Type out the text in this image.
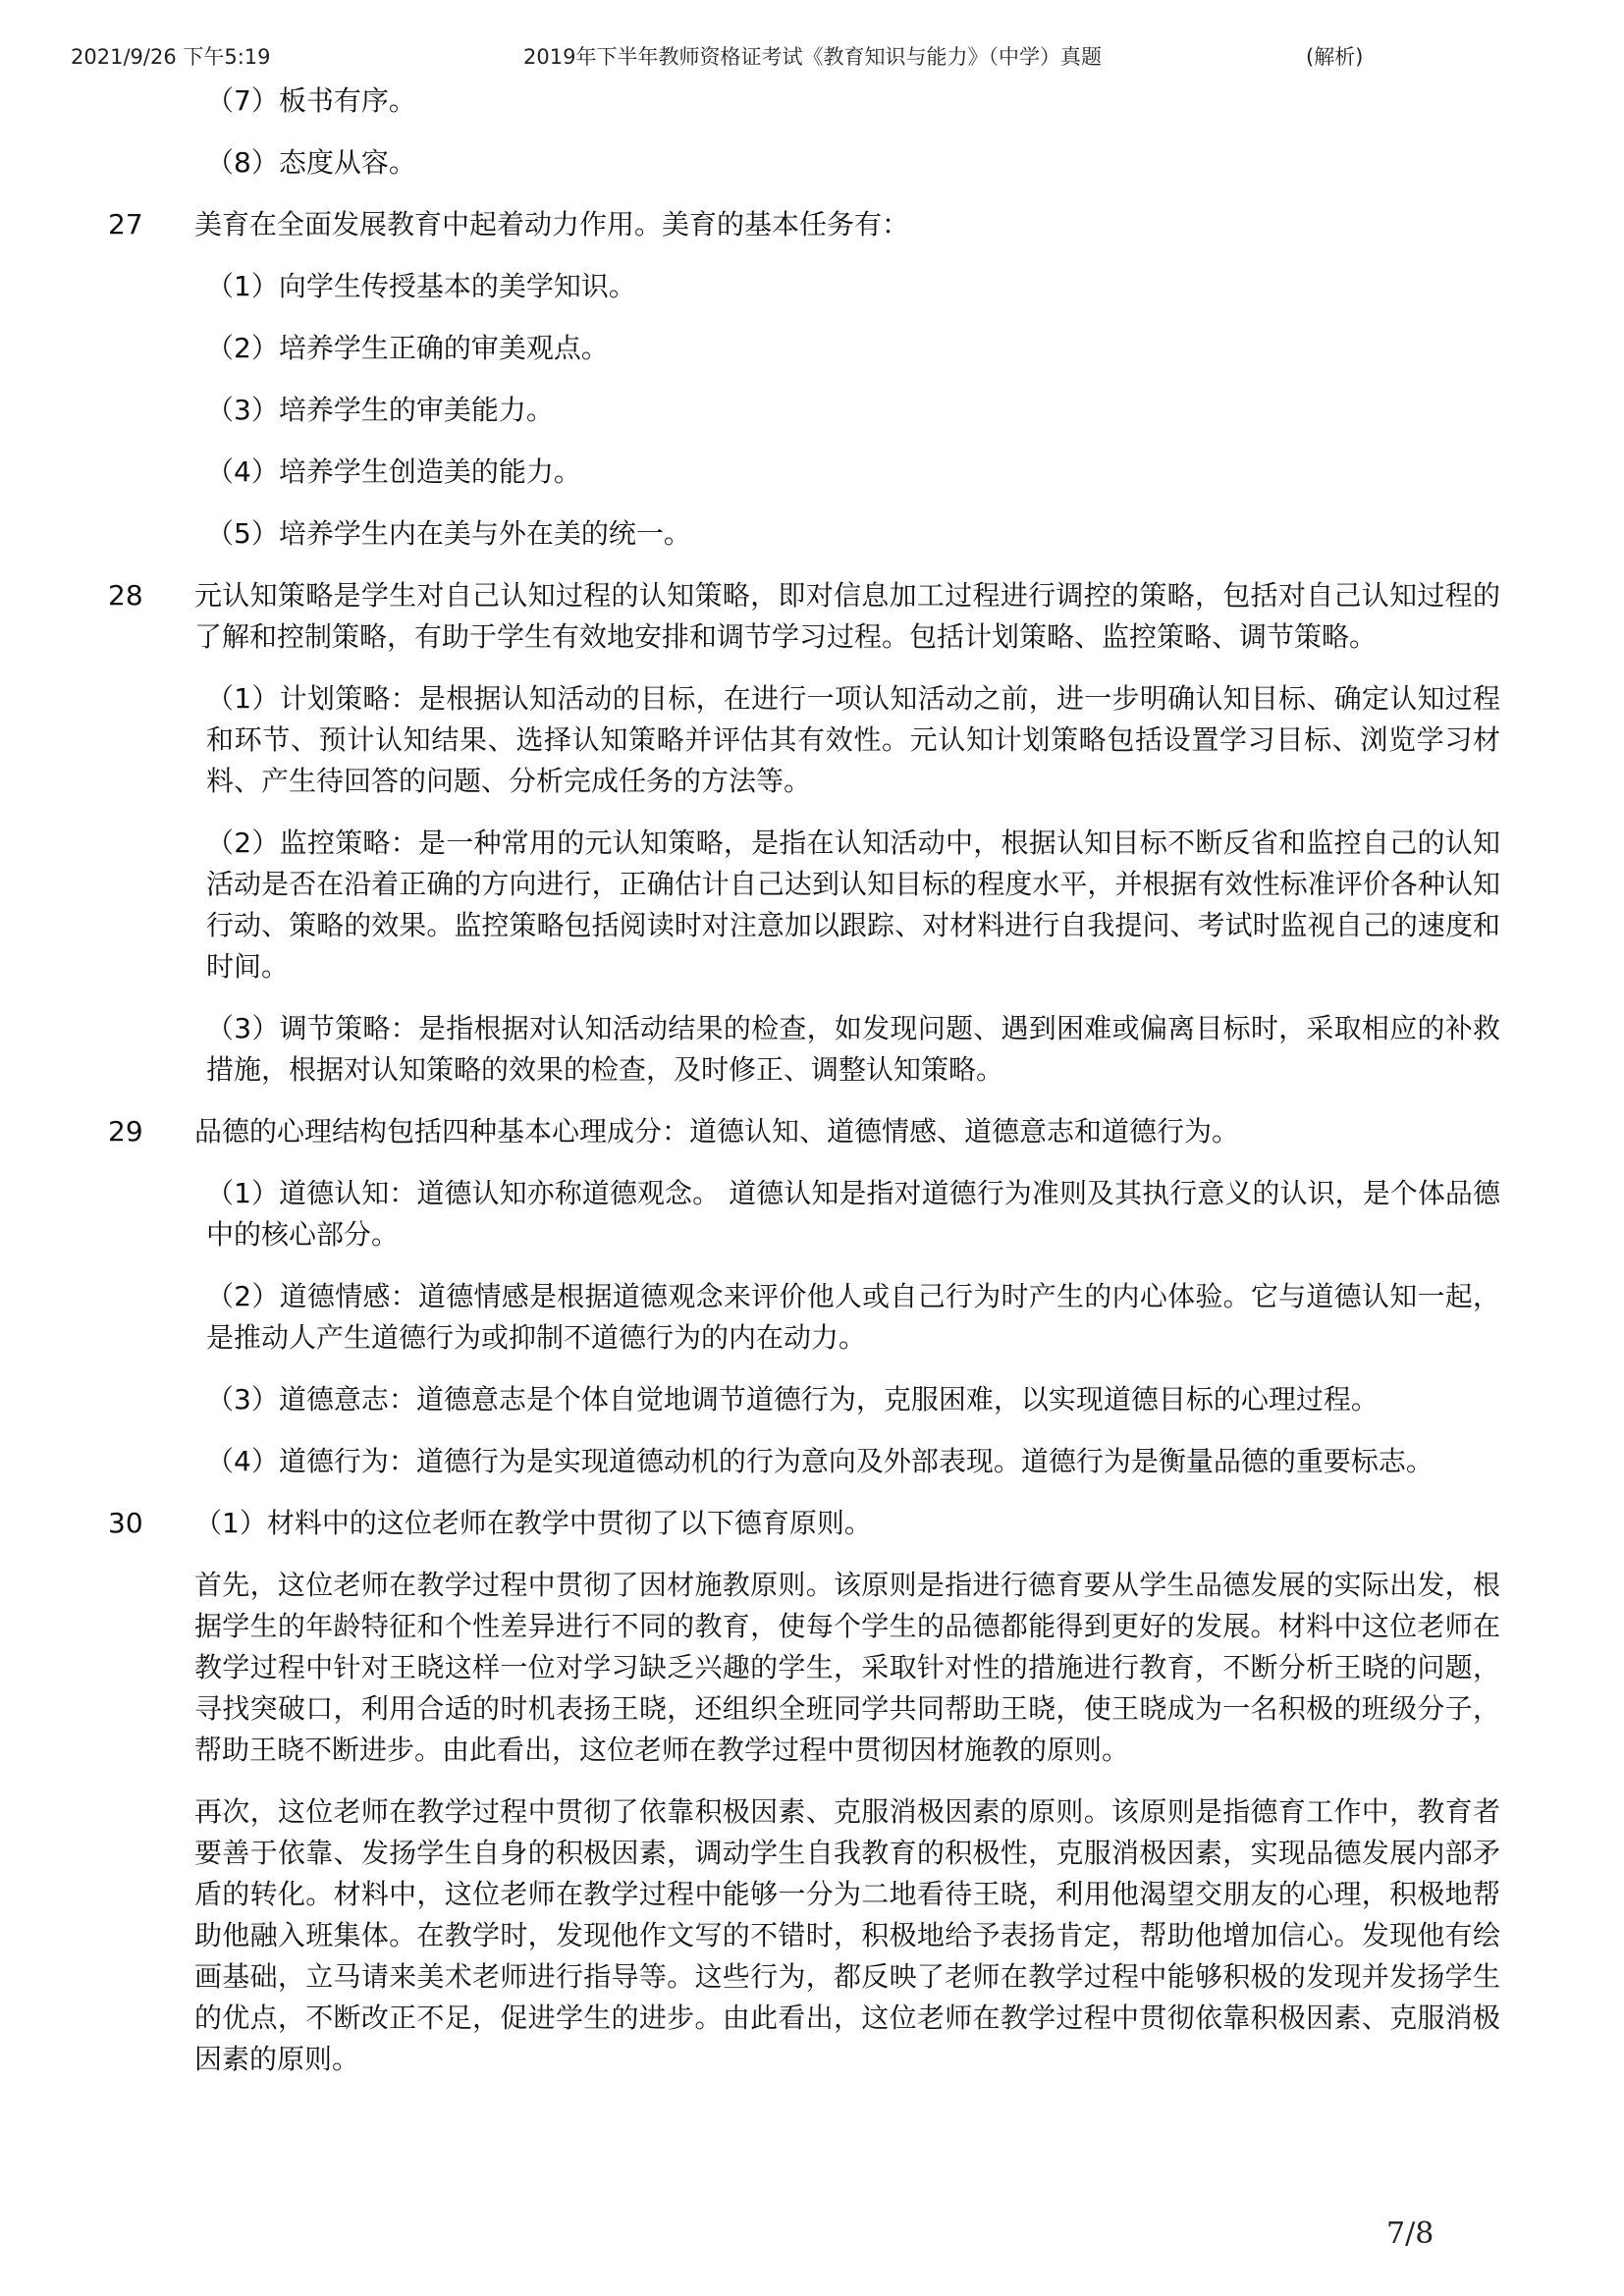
2021/9/26 下午5:19	2019年下半年教师资格证考试《教育知识与能力》（中学）真题	(解析)
（7）板书有序。
（8）态度从容。
27	美育在全面发展教育中起着动力作用。美育的基本任务有：
（1）向学生传授基本的美学知识。
（2）培养学生正确的审美观点。
（3）培养学生的审美能力。
（4）培养学生创造美的能力。
（5）培养学生内在美与外在美的统一。
28	元认知策略是学生对自己认知过程的认知策略，即对信息加工过程进行调控的策略，包括对自己认知过程的了解和控制策略，有助于学生有效地安排和调节学习过程。包括计划策略、监控策略、调节策略。
（1）计划策略：是根据认知活动的目标，在进行一项认知活动之前，进一步明确认知目标、确定认知过程和环节、预计认知结果、选择认知策略并评估其有效性。元认知计划策略包括设置学习目标、浏览学习材料、产生待回答的问题、分析完成任务的方法等。
（2）监控策略：是一种常用的元认知策略，是指在认知活动中，根据认知目标不断反省和监控自己的认知活动是否在沿着正确的方向进行，正确估计自己达到认知目标的程度水平，并根据有效性标准评价各种认知行动、策略的效果。监控策略包括阅读时对注意加以跟踪、对材料进行自我提问、考试时监视自己的速度和时间。
（3）调节策略：是指根据对认知活动结果的检查，如发现问题、遇到困难或偏离目标时，采取相应的补救措施，根据对认知策略的效果的检查，及时修正、调整认知策略。
29	品德的心理结构包括四种基本心理成分：道德认知、道德情感、道德意志和道德行为。
（1）道德认知：道德认知亦称道德观念。 道德认知是指对道德行为准则及其执行意义的认识，是个体品德中的核心部分。
（2）道德情感：道德情感是根据道德观念来评价他人或自己行为时产生的内心体验。它与道德认知一起，是推动人产生道德行为或抑制不道德行为的内在动力。
（3）道德意志：道德意志是个体自觉地调节道德行为，克服困难，以实现道德目标的心理过程。
（4）道德行为：道德行为是实现道德动机的行为意向及外部表现。道德行为是衡量品德的重要标志。
30	（1）材料中的这位老师在教学中贯彻了以下德育原则。
首先，这位老师在教学过程中贯彻了因材施教原则。该原则是指进行德育要从学生品德发展的实际出发，根据学生的年龄特征和个性差异进行不同的教育，使每个学生的品德都能得到更好的发展。材料中这位老师在教学过程中针对王晓这样一位对学习缺乏兴趣的学生，采取针对性的措施进行教育，不断分析王晓的问题，寻找突破口，利用合适的时机表扬王晓，还组织全班同学共同帮助王晓，使王晓成为一名积极的班级分子，帮助王晓不断进步。由此看出，这位老师在教学过程中贯彻因材施教的原则。
再次，这位老师在教学过程中贯彻了依靠积极因素、克服消极因素的原则。该原则是指德育工作中，教育者要善于依靠、发扬学生自身的积极因素，调动学生自我教育的积极性，克服消极因素，实现品德发展内部矛盾的转化。材料中，这位老师在教学过程中能够一分为二地看待王晓，利用他渴望交朋友的心理，积极地帮助他融入班集体。在教学时，发现他作文写的不错时，积极地给予表扬肯定，帮助他增加信心。发现他有绘画基础，立马请来美术老师进行指导等。这些行为，都反映了老师在教学过程中能够积极的发现并发扬学生的优点，不断改正不足，促进学生的进步。由此看出，这位老师在教学过程中贯彻依靠积极因素、克服消极因素的原则。
7/8
